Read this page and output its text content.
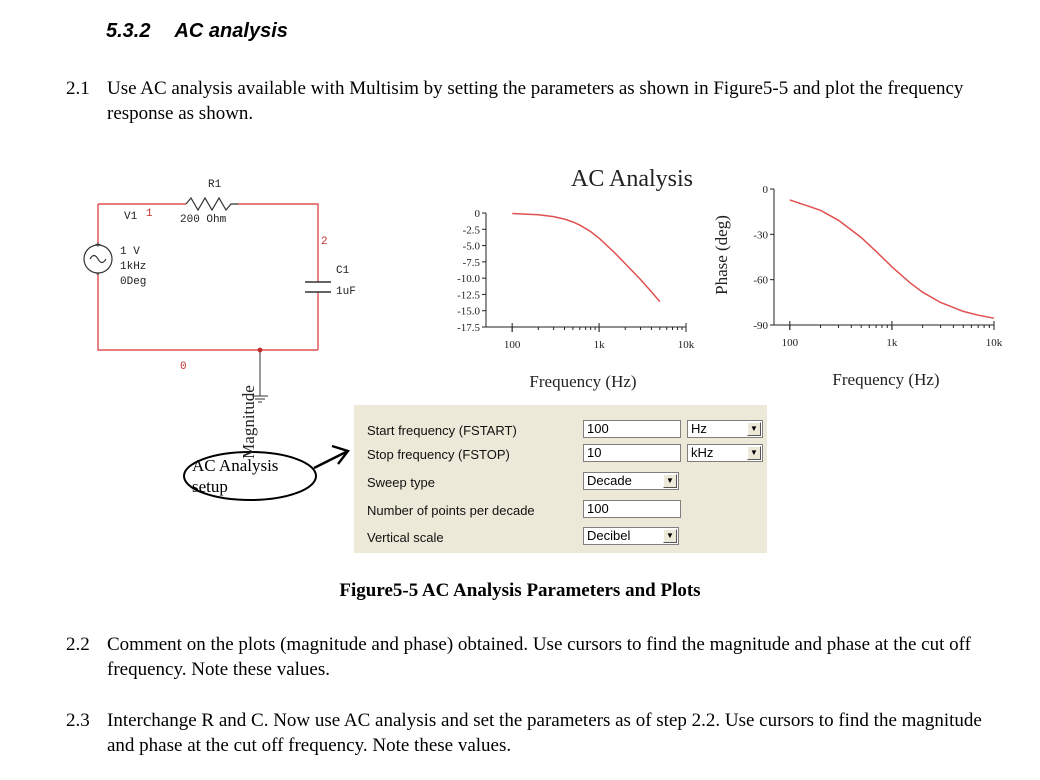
5.3.2 AC analysis
2.1 Use AC analysis available with Multisim by setting the parameters as shown in Figure5-5 and plot the frequency response as shown.
+
-
R1
200 Ohm
V1 1
1 V
1kHz
0Deg
2
C1
1uF
0
AC Analysis
setup
AC Analysis
Magnitude
Frequency (Hz)
0
-2.5
-5.0
-7.5
-10.0
-12.5
-15.0
-17.5
100	1k	10k
Phase (deg)
Frequency (Hz)
0
-30
-60
-90
100	1k	10k
Start frequency (FSTART)	100	Hz	▼
Stop frequency (FSTOP)	10	kHz	▼
Sweep type	Decade	▼
Number of points per decade	100
Vertical scale	Decibel	▼
Figure5-5 AC Analysis Parameters and Plots
2.2 Comment on the plots (magnitude and phase) obtained. Use cursors to find the magnitude and phase at the cut off frequency. Note these values.
2.3 Interchange R and C. Now use AC analysis and set the parameters as of step 2.2. Use cursors to find the magnitude and phase at the cut off frequency. Note these values.
